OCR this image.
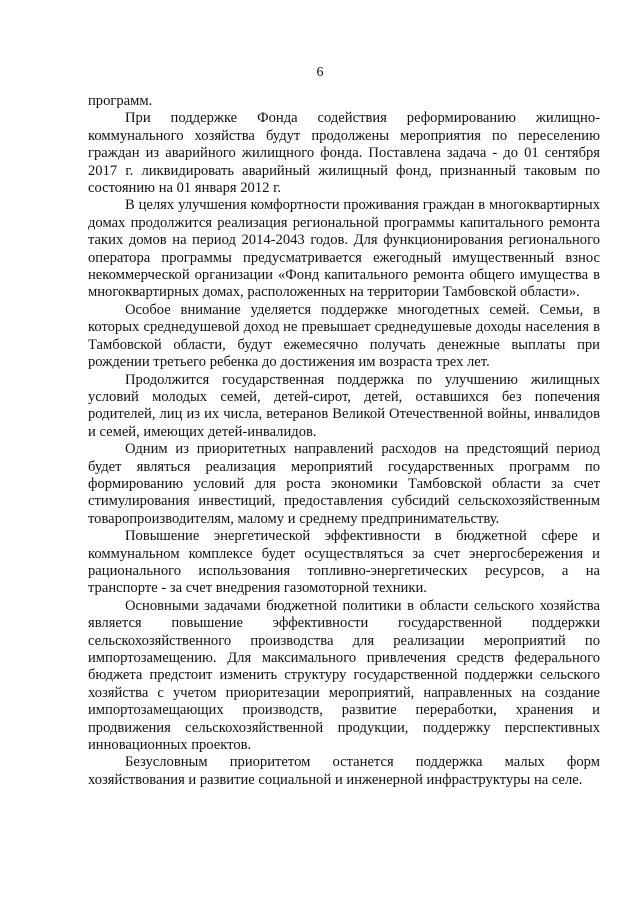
6

программ.

При поддержке Фонда содействия реформированию жилищно-коммунального хозяйства будут продолжены мероприятия по переселению граждан из аварийного жилищного фонда. Поставлена задача - до 01 сентября 2017 г. ликвидировать аварийный жилищный фонд, признанный таковым по состоянию на 01 января 2012 г.

В целях улучшения комфортности проживания граждан в многоквартирных домах продолжится реализация региональной программы капитального ремонта таких домов на период 2014-2043 годов. Для функционирования регионального оператора программы предусматривается ежегодный имущественный взнос некоммерческой организации «Фонд капитального ремонта общего имущества в многоквартирных домах, расположенных на территории Тамбовской области».

Особое внимание уделяется поддержке многодетных семей. Семьи, в которых среднедушевой доход не превышает среднедушевые доходы населения в Тамбовской области, будут ежемесячно получать денежные выплаты при рождении третьего ребенка до достижения им возраста трех лет.

Продолжится государственная поддержка по улучшению жилищных условий молодых семей, детей-сирот, детей, оставшихся без попечения родителей, лиц из их числа, ветеранов Великой Отечественной войны, инвалидов и семей, имеющих детей-инвалидов.

Одним из приоритетных направлений расходов на предстоящий период будет являться реализация мероприятий государственных программ по формированию условий для роста экономики Тамбовской области за счет стимулирования инвестиций, предоставления субсидий сельскохозяйственным товаропроизводителям, малому и среднему предпринимательству.

Повышение энергетической эффективности в бюджетной сфере и коммунальном комплексе будет осуществляться за счет энергосбережения и рационального использования топливно-энергетических ресурсов, а на транспорте - за счет внедрения газомоторной техники.

Основными задачами бюджетной политики в области сельского хозяйства является повышение эффективности государственной поддержки сельскохозяйственного производства для реализации мероприятий по импортозамещению. Для максимального привлечения средств федерального бюджета предстоит изменить структуру государственной поддержки сельского хозяйства с учетом приоритезации мероприятий, направленных на создание импортозамещающих производств, развитие переработки, хранения и продвижения сельскохозяйственной продукции, поддержку перспективных инновационных проектов.

Безусловным приоритетом останется поддержка малых форм хозяйствования и развитие социальной и инженерной инфраструктуры на селе.
